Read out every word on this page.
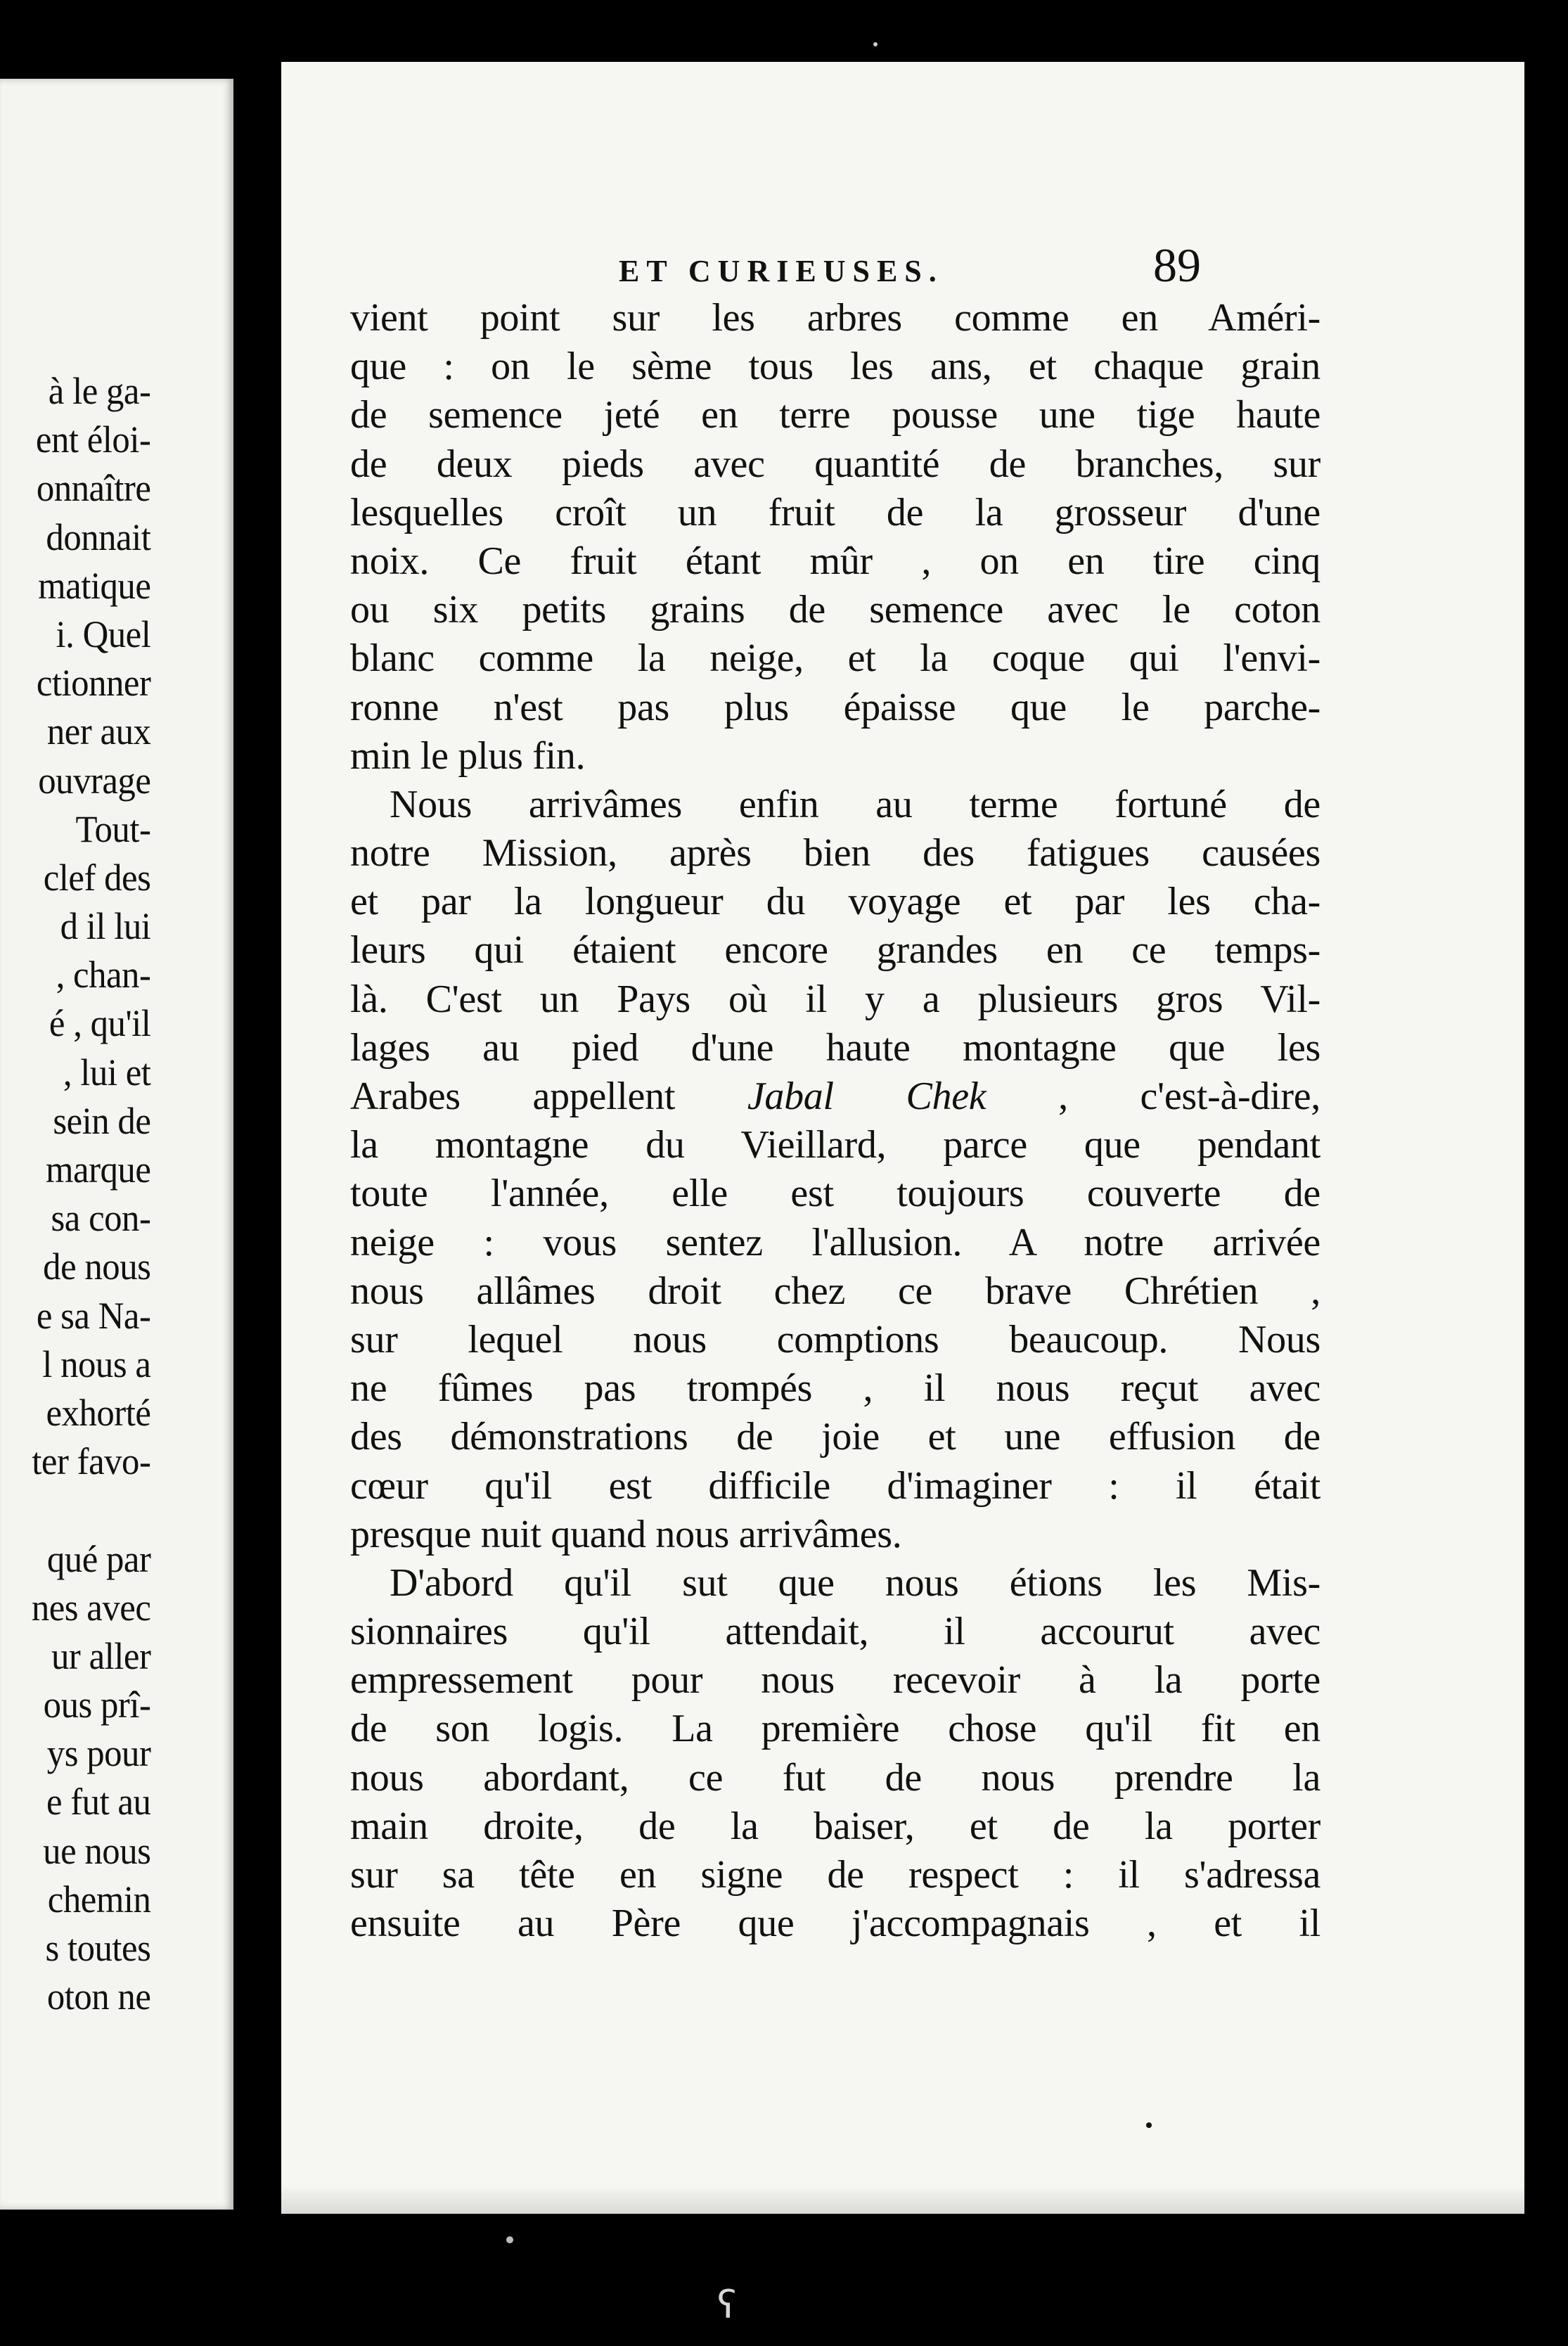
à le ga-
ent éloi-
onnaître
donnait
matique
i. Quel
ctionner
ner aux
ouvrage
Tout-
clef des
d il lui
, chan-
é , qu'il
, lui et
sein de
marque
sa con-
de nous
e sa Na-
l nous a
exhorté
ter favo-
qué par
nes avec
ur aller
ous prî-
ys pour
e fut au
ue nous
chemin
s toutes
oton ne
ET CURIEUSES.	89
vient point sur les arbres comme en Améri-
que : on le sème tous les ans, et chaque grain
de semence jeté en terre pousse une tige haute
de deux pieds avec quantité de branches, sur
lesquelles croît un fruit de la grosseur d'une
noix. Ce fruit étant mûr , on en tire cinq
ou six petits grains de semence avec le coton
blanc comme la neige, et la coque qui l'envi-
ronne n'est pas plus épaisse que le parche-
min le plus fin.
Nous arrivâmes enfin au terme fortuné de
notre Mission, après bien des fatigues causées
et par la longueur du voyage et par les cha-
leurs qui étaient encore grandes en ce temps-
là. C'est un Pays où il y a plusieurs gros Vil-
lages au pied d'une haute montagne que les
Arabes appellent Jabal Chek , c'est-à-dire,
la montagne du Vieillard, parce que pendant
toute l'année, elle est toujours couverte de
neige : vous sentez l'allusion. A notre arrivée
nous allâmes droit chez ce brave Chrétien ,
sur lequel nous comptions beaucoup. Nous
ne fûmes pas trompés , il nous reçut avec
des démonstrations de joie et une effusion de
cœur qu'il est difficile d'imaginer : il était
presque nuit quand nous arrivâmes.
D'abord qu'il sut que nous étions les Mis-
sionnaires qu'il attendait, il accourut avec
empressement pour nous recevoir à la porte
de son logis. La première chose qu'il fit en
nous abordant, ce fut de nous prendre la
main droite, de la baiser, et de la porter
sur sa tête en signe de respect : il s'adressa
ensuite au Père que j'accompagnais , et il
ʕ
